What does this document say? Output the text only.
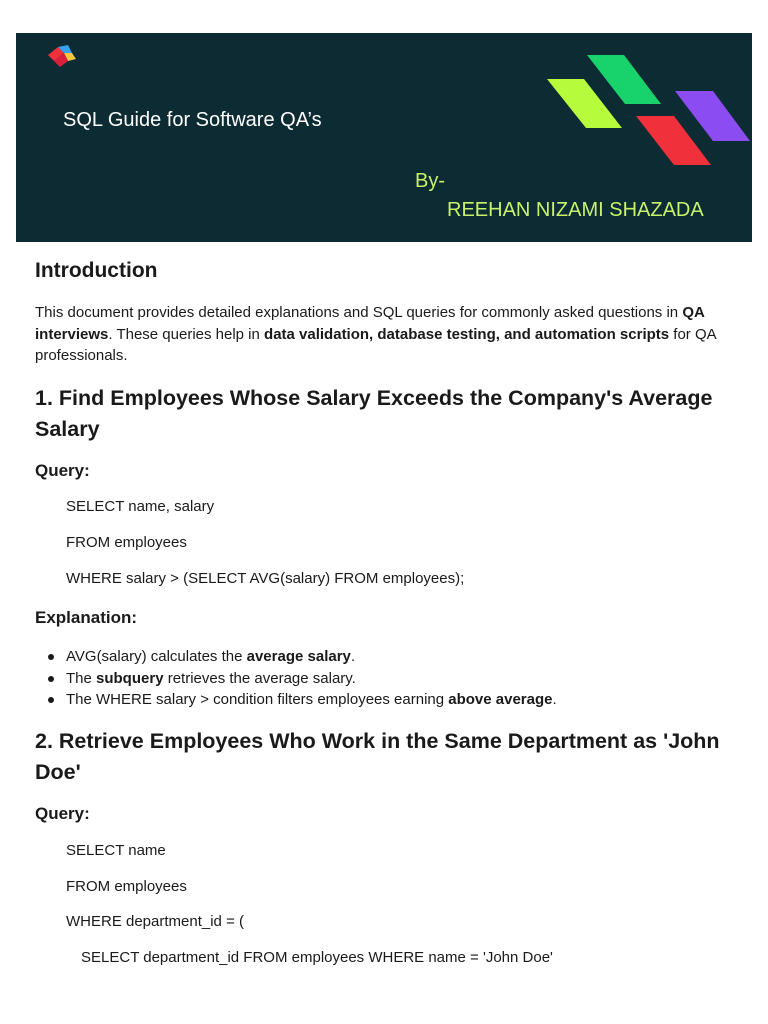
SQL Guide for Software QA’s
By-
REEHAN NIZAMI SHAZADA
Introduction

This document provides detailed explanations and SQL queries for commonly asked questions in QA interviews. These queries help in data validation, database testing, and automation scripts for QA professionals.

1. Find Employees Whose Salary Exceeds the Company's Average Salary
Query:
SELECT name, salary
FROM employees
WHERE salary > (SELECT AVG(salary) FROM employees);
Explanation:
AVG(salary) calculates the average salary.
The subquery retrieves the average salary.
The WHERE salary > condition filters employees earning above average.
2. Retrieve Employees Who Work in the Same Department as 'John Doe'
Query:
SELECT name
FROM employees
WHERE department_id = (
SELECT department_id FROM employees WHERE name = 'John Doe'
